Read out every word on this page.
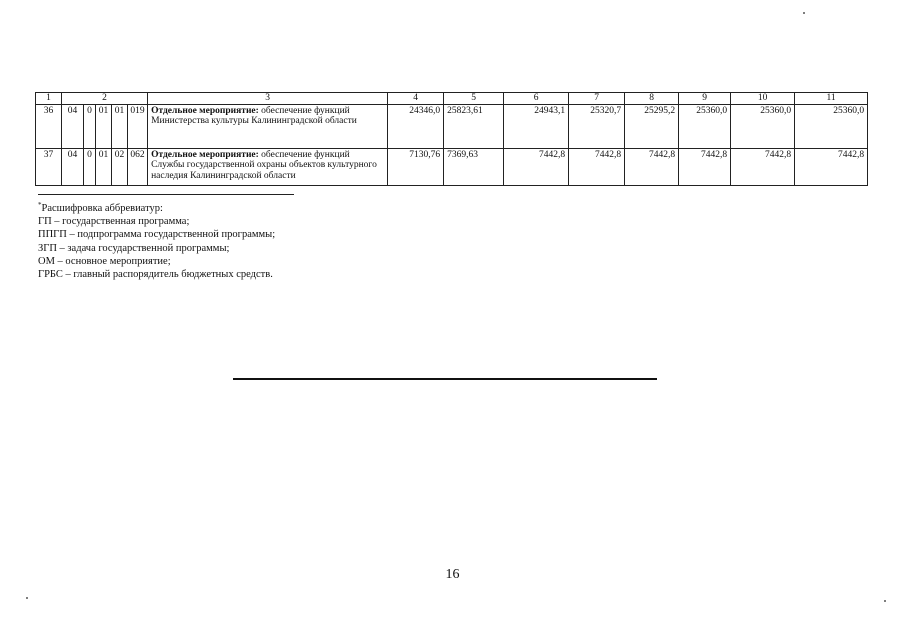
1	2					3	4	5	6	7	8	9	10	11
36	04	0	01	01	019	Отдельное мероприятие: обеспечение функций Министерства культуры Калининградской области	24346,0	25823,61	24943,1	25320,7	25295,2	25360,0	25360,0	25360,0
37	04	0	01	02	062	Отдельное мероприятие: обеспечение функций Службы государственной охраны объектов культурного наследия Калининградской области	7130,76	7369,63	7442,8	7442,8	7442,8	7442,8	7442,8	7442,8
*Расшифровка аббревиатур:
ГП – государственная программа;
ППГП – подпрограмма государственной программы;
ЗГП – задача государственной программы;
ОМ – основное мероприятие;
ГРБС – главный распорядитель бюджетных средств.
16
